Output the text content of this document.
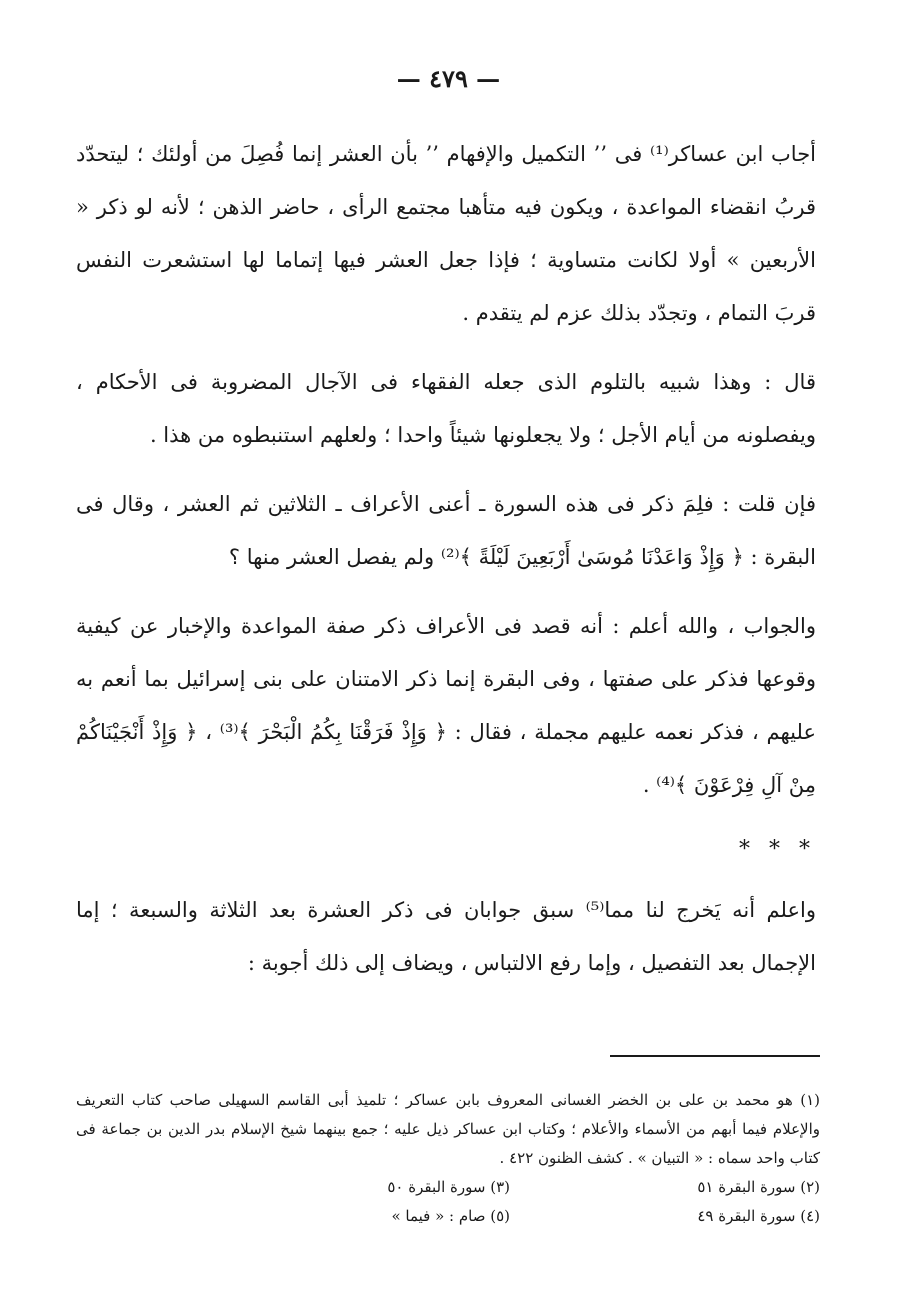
— ٤٧٩ —

أجاب ابن عساكر⁽¹⁾ فى ’’ التكميل والإفهام ’’ بأن العشر إنما فُصِلَ من أولئك ؛ ليتحدّد قربُ انقضاء المواعدة ، ويكون فيه متأهبا مجتمع الرأى ، حاضر الذهن ؛ لأنه لو ذكر « الأربعين » أولا لكانت متساوية ؛ فإذا جعل العشر فيها إتماما لها استشعرت النفس قربَ التمام ، وتجدّد بذلك عزم لم يتقدم .

قال : وهذا شبيه بالتلوم الذى جعله الفقهاء فى الآجال المضروبة فى الأحكام ، ويفصلونه من أيام الأجل ؛ ولا يجعلونها شيئاً واحدا ؛ ولعلهم استنبطوه من هذا .

فإن قلت : فلِمَ ذكر فى هذه السورة ـ أعنى الأعراف ـ الثلاثين ثم العشر ، وقال فى البقرة : ﴿ وَإِذْ وَاعَدْنَا مُوسَىٰ أَرْبَعِينَ لَيْلَةً ﴾⁽²⁾ ولم يفصل العشر منها ؟

والجواب ، والله أعلم : أنه قصد فى الأعراف ذكر صفة المواعدة والإخبار عن كيفية وقوعها فذكر على صفتها ، وفى البقرة إنما ذكر الامتنان على بنى إسرائيل بما أنعم به عليهم ، فذكر نعمه عليهم مجملة ، فقال : ﴿ وَإِذْ فَرَقْنَا بِكُمُ الْبَحْرَ ﴾⁽³⁾ ، ﴿ وَإِذْ أَنْجَيْنَاكُمْ مِنْ آلِ فِرْعَوْنَ ﴾⁽⁴⁾ .

* * *

واعلم أنه يَخرج لنا مما⁽⁵⁾ سبق جوابان فى ذكر العشرة بعد الثلاثة والسبعة ؛ إما الإجمال بعد التفصيل ، وإما رفع الالتباس ، ويضاف إلى ذلك أجوبة :

(١) هو محمد بن على بن الخضر الغسانى المعروف بابن عساكر ؛ تلميذ أبى القاسم السهيلى صاحب كتاب التعريف والإعلام فيما أبهم من الأسماء والأعلام ؛ وكتاب ابن عساكر ذيل عليه ؛ جمع بينهما شيخ الإسلام بدر الدين بن جماعة فى كتاب واحد سماه : « التبيان » . كشف الظنون ٤٢٢ .
(٢) سورة البقرة ٥١
(٣) سورة البقرة ٥٠
(٤) سورة البقرة ٤٩
(٥) صام : « فيما »
